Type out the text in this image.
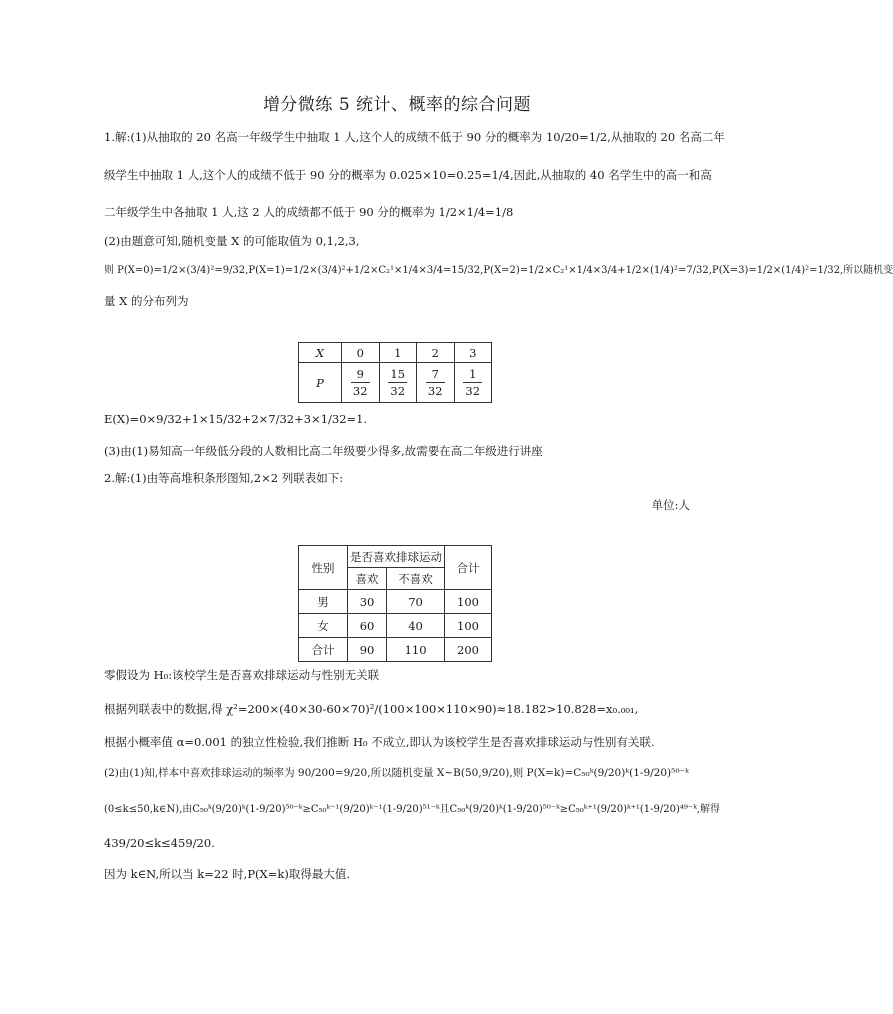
增分微练 5 统计、概率的综合问题
1.解:(1)从抽取的 20 名高一年级学生中抽取 1 人,这个人的成绩不低于 90 分的概率为 10/20=1/2,从抽取的 20 名高二年
级学生中抽取 1 人,这个人的成绩不低于 90 分的概率为 0.025×10=0.25=1/4,因此,从抽取的 40 名学生中的高一和高
二年级学生中各抽取 1 人,这 2 人的成绩都不低于 90 分的概率为 1/2×1/4=1/8
(2)由题意可知,随机变量 X 的可能取值为 0,1,2,3,
则 P(X=0)=1/2×(3/4)²=9/32,P(X=1)=1/2×(3/4)²+1/2×C₂¹×1/4×3/4=15/32,P(X=2)=1/2×C₂¹×1/4×3/4+1/2×(1/4)²=7/32,P(X=3)=1/2×(1/4)²=1/32,所以随机变
量 X 的分布列为
X	0	1	2	3
P	$\frac{9}{32}$	$\frac{15}{32}$	$\frac{7}{32}$	$\frac{1}{32}$
E(X)=0×9/32+1×15/32+2×7/32+3×1/32=1.
(3)由(1)易知高一年级低分段的人数相比高二年级要少得多,故需要在高二年级进行讲座
2.解:(1)由等高堆积条形图知,2×2 列联表如下:
单位:人
性别	是否喜欢排球运动		合计
	喜欢	不喜欢	
男	30	70	100
女	60	40	100
合计	90	110	200
零假设为 H₀:该校学生是否喜欢排球运动与性别无关联
根据列联表中的数据,得 χ²=200×(40×30-60×70)²/(100×100×110×90)≈18.182>10.828=x₀.₀₀₁,
根据小概率值 α=0.001 的独立性检验,我们推断 H₀ 不成立,即认为该校学生是否喜欢排球运动与性别有关联.
(2)由(1)知,样本中喜欢排球运动的频率为 90/200=9/20,所以随机变量 X~B(50,9/20),则 P(X=k)=C₅₀ᵏ(9/20)ᵏ(1-9/20)⁵⁰⁻ᵏ
(0≤k≤50,k∈N),由C₅₀ᵏ(9/20)ᵏ(1-9/20)⁵⁰⁻ᵏ≥C₅₀ᵏ⁻¹(9/20)ᵏ⁻¹(1-9/20)⁵¹⁻ᵏ且C₅₀ᵏ(9/20)ᵏ(1-9/20)⁵⁰⁻ᵏ≥C₅₀ᵏ⁺¹(9/20)ᵏ⁺¹(1-9/20)⁴⁹⁻ᵏ,解得
439/20≤k≤459/20.
因为 k∈N,所以当 k=22 时,P(X=k)取得最大值.
